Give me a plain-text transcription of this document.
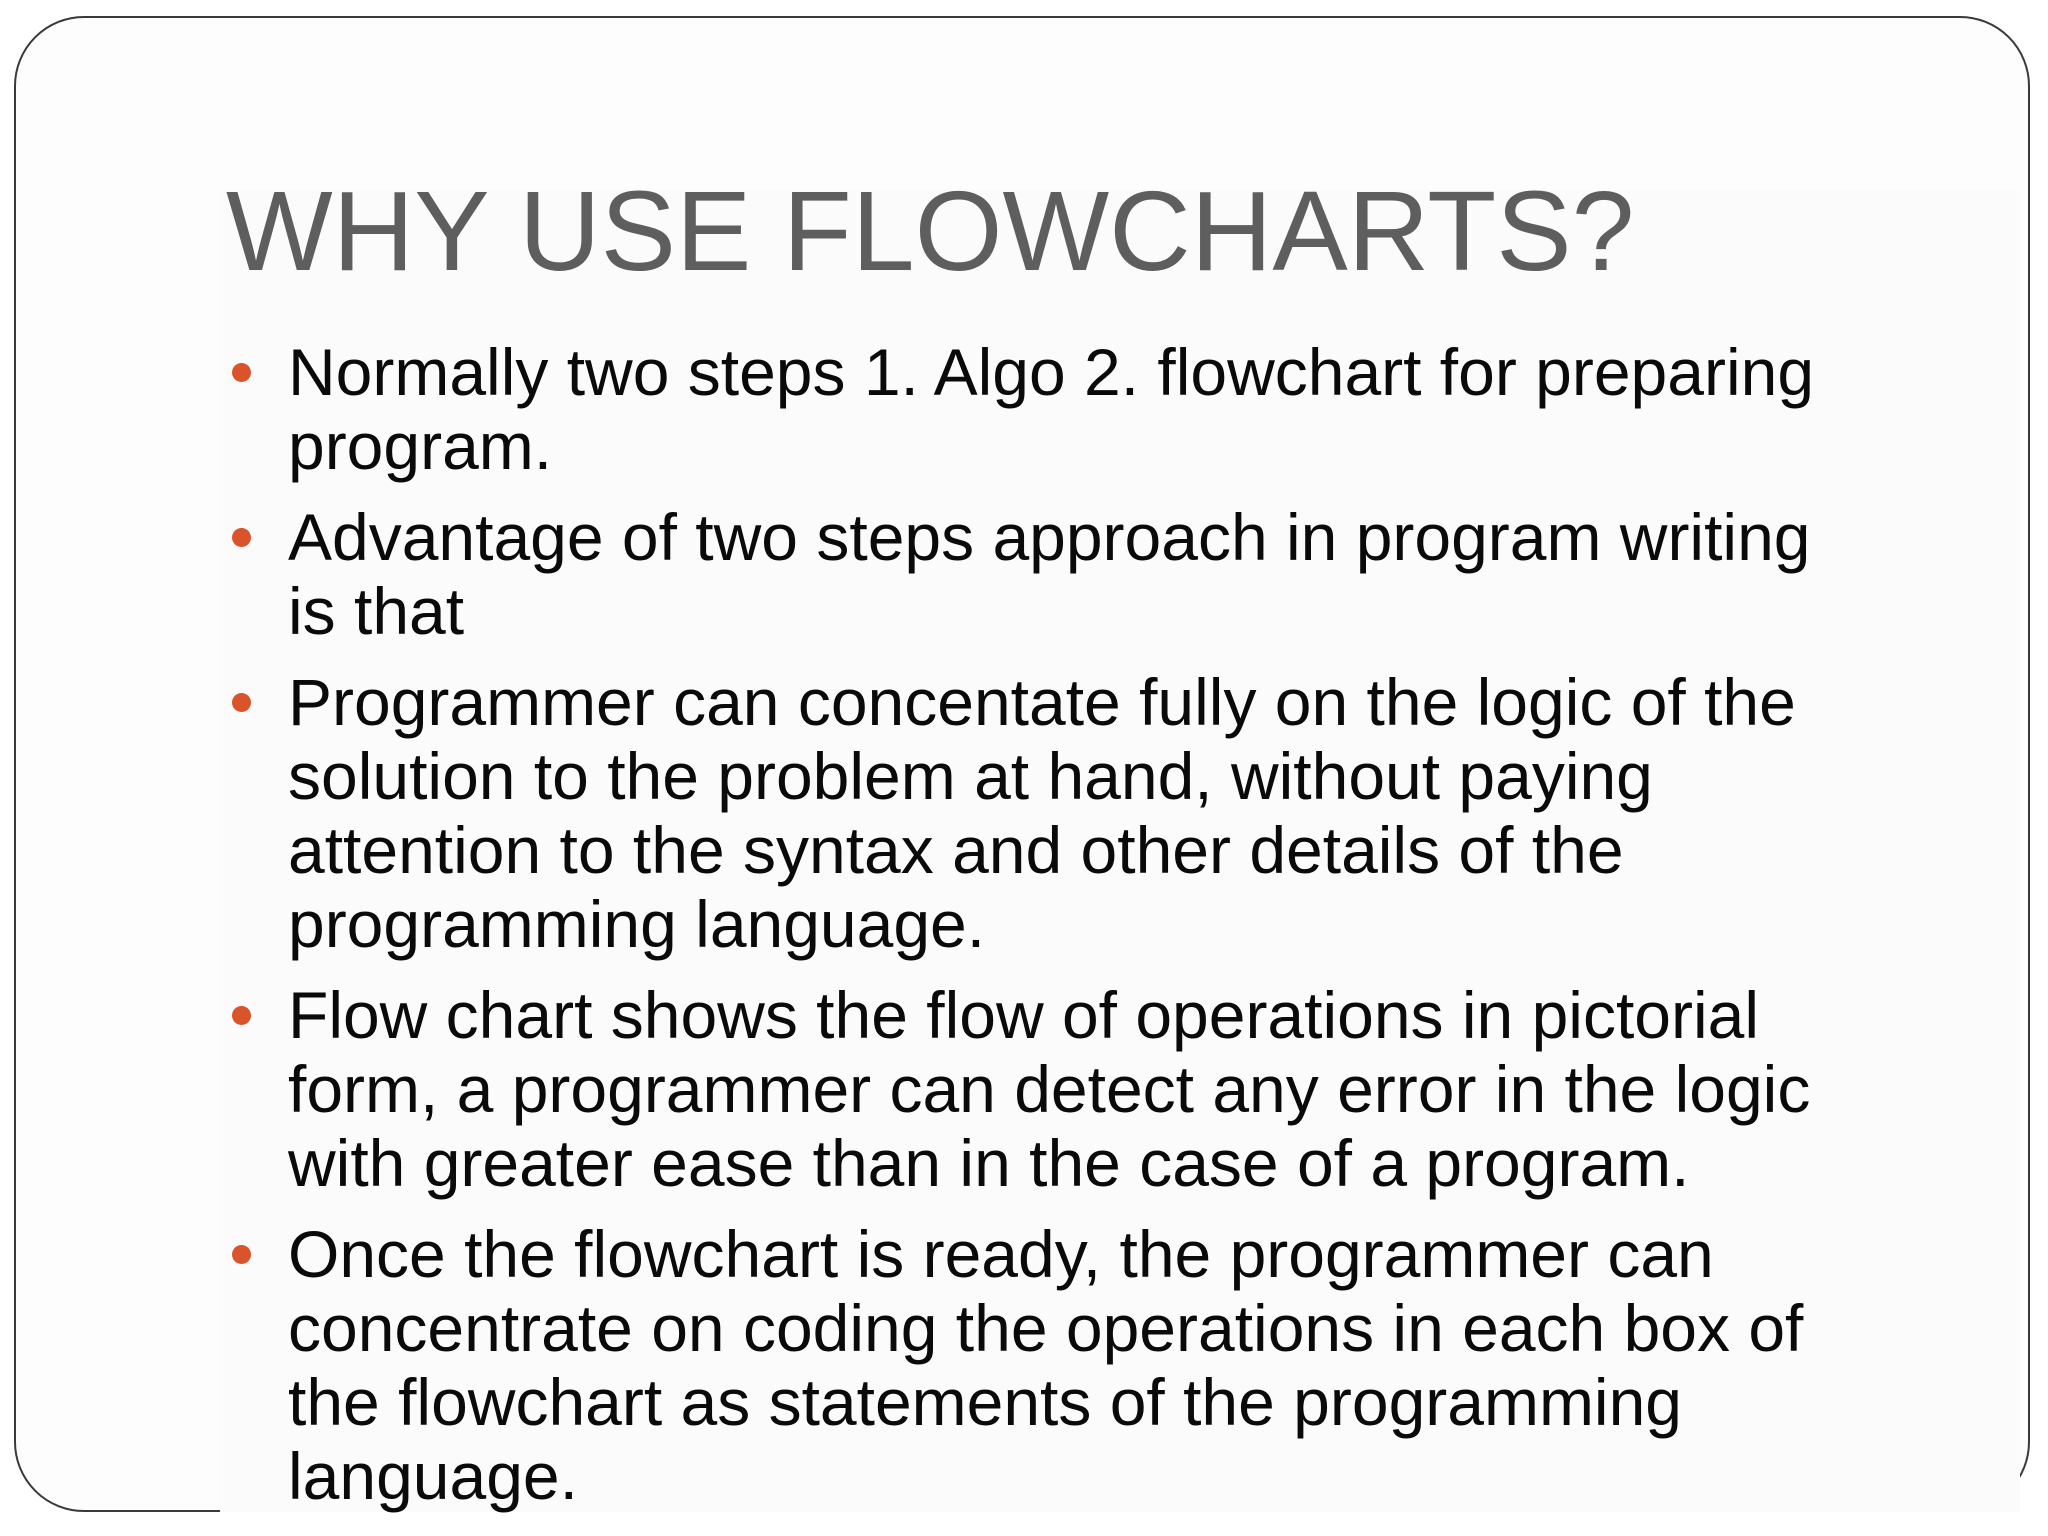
WHY USE FLOWCHARTS?
Normally two steps 1. Algo 2. flowchart for preparing program.
Advantage of two steps approach in program writing is that
Programmer can concentate fully on the logic of the solution to the problem at hand, without paying attention to the syntax and other details of the programming language.
Flow chart shows the flow of operations in pictorial form, a programmer can detect any error in the logic with greater ease than in the case of a program.
Once the flowchart is ready, the programmer can concentrate on coding the operations in each box of the flowchart as statements of the programming language.
